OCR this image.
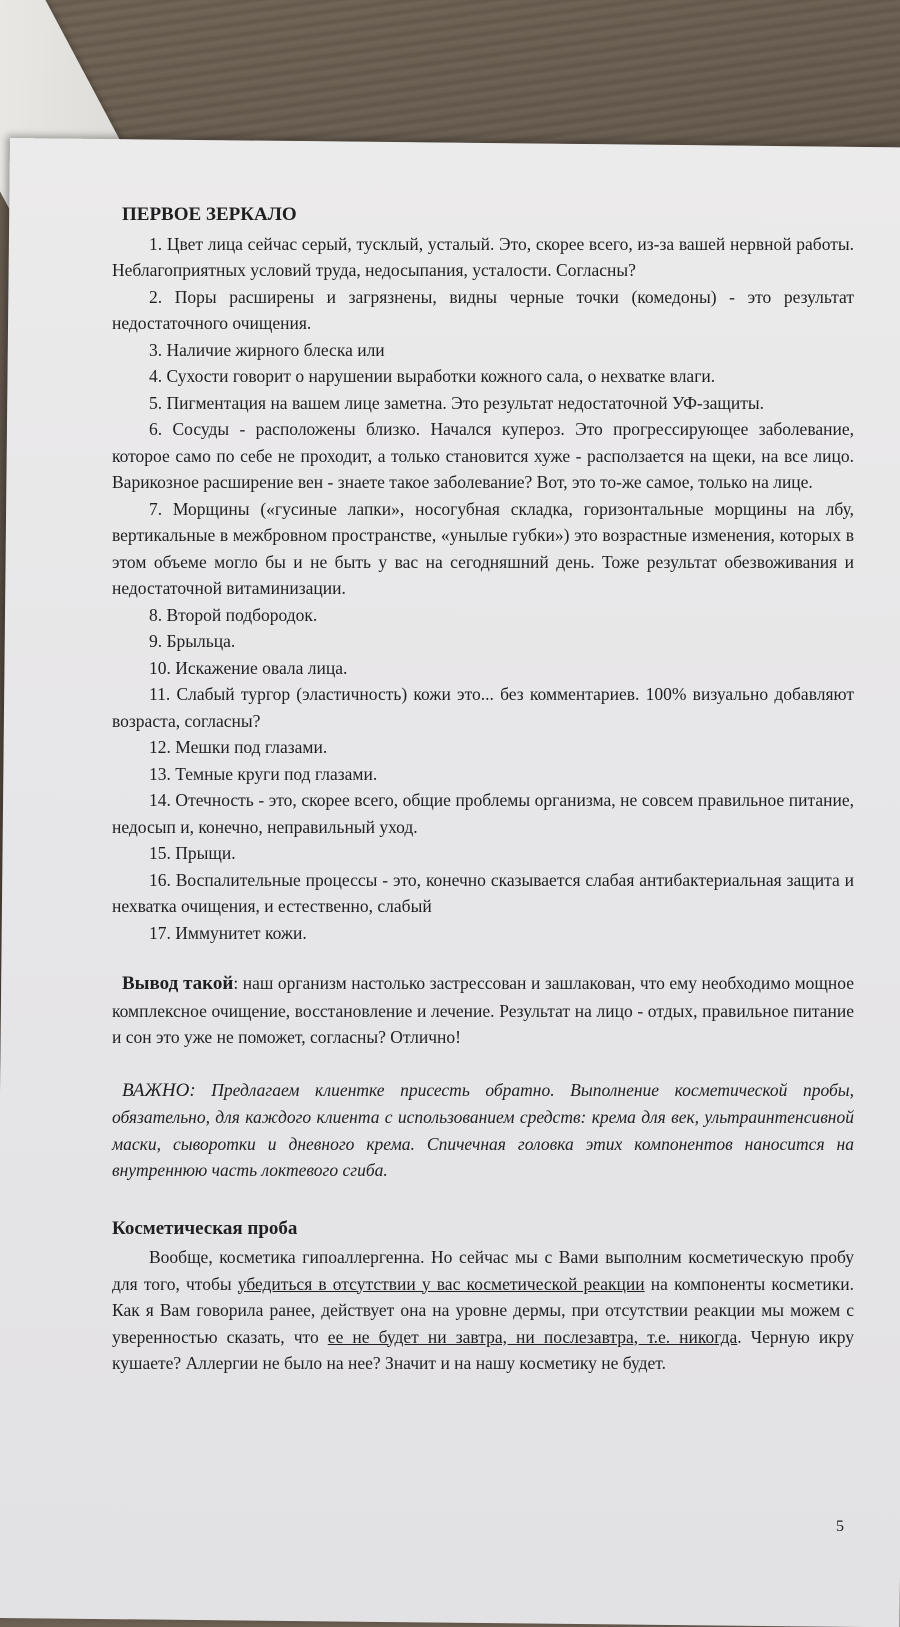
ПЕРВОЕ ЗЕРКАЛО

1. Цвет лица сейчас серый, тусклый, усталый. Это, скорее всего, из-за вашей нервной работы. Неблагоприятных условий труда, недосыпания, усталости. Согласны?

2. Поры расширены и загрязнены, видны черные точки (комедоны) - это результат недостаточного очищения.

3. Наличие жирного блеска или

4. Сухости говорит о нарушении выработки кожного сала, о нехватке влаги.

5. Пигментация на вашем лице заметна. Это результат недостаточной УФ-защиты.

6. Сосуды - расположены близко. Начался купероз. Это прогрессирующее заболевание, которое само по себе не проходит, а только становится хуже - расползается на щеки, на все лицо. Варикозное расширение вен - знаете такое заболевание? Вот, это то-же самое, только на лице.

7. Морщины («гусиные лапки», носогубная складка, горизонтальные морщины на лбу, вертикальные в межбровном пространстве, «унылые губки») это возрастные изменения, которых в этом объеме могло бы и не быть у вас на сегодняшний день. Тоже результат обезвоживания и недостаточной витаминизации.

8. Второй подбородок.

9. Брыльца.

10. Искажение овала лица.

11. Слабый тургор (эластичность) кожи это... без комментариев. 100% визуально добавляют возраста, согласны?

12. Мешки под глазами.

13. Темные круги под глазами.

14. Отечность - это, скорее всего, общие проблемы организма, не совсем правильное питание, недосып и, конечно, неправильный уход.

15. Прыщи.

16. Воспалительные процессы - это, конечно сказывается слабая антибактериальная защита и нехватка очищения, и естественно, слабый

17. Иммунитет кожи.

Вывод такой: наш организм настолько застрессован и зашлакован, что ему необходимо мощное комплексное очищение, восстановление и лечение. Результат на лицо - отдых, правильное питание и сон это уже не поможет, согласны? Отлично!

ВАЖНО: Предлагаем клиентке присесть обратно. Выполнение косметической пробы, обязательно, для каждого клиента с использованием средств: крема для век, ультраинтенсивной маски, сыворотки и дневного крема. Спичечная головка этих компонентов наносится на внутреннюю часть локтевого сгиба.

Косметическая проба

Вообще, косметика гипоаллергенна. Но сейчас мы с Вами выполним косметическую пробу для того, чтобы убедиться в отсутствии у вас косметической реакции на компоненты косметики. Как я Вам говорила ранее, действует она на уровне дермы, при отсутствии реакции мы можем с уверенностью сказать, что ее не будет ни завтра, ни послезавтра, т.е. никогда. Черную икру кушаете? Аллергии не было на нее? Значит и на нашу косметику не будет.

5
